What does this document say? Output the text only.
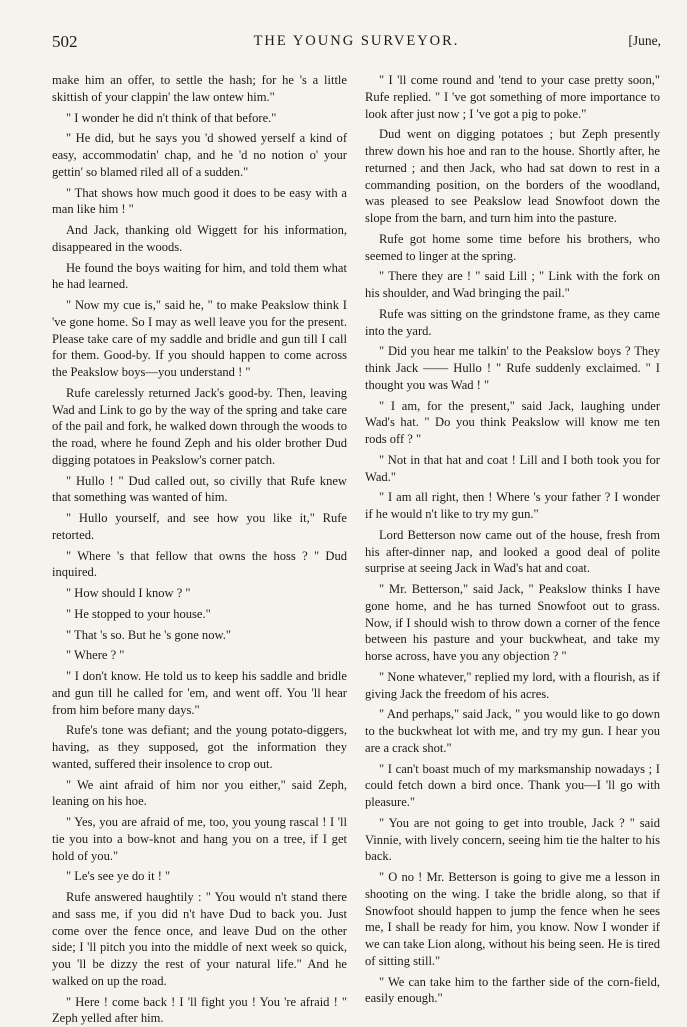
502	THE YOUNG SURVEYOR.	[June,

make him an offer, to settle the hash; for he 's a little skittish of your clappin' the law ontew him."

" I wonder he did n't think of that before."

" He did, but he says you 'd showed yerself a kind of easy, accommodatin' chap, and he 'd no notion o' your gettin' so blamed riled all of a sudden."

" That shows how much good it does to be easy with a man like him ! "

And Jack, thanking old Wiggett for his information, disappeared in the woods.

He found the boys waiting for him, and told them what he had learned.

" Now my cue is," said he, " to make Peakslow think I 've gone home. So I may as well leave you for the present. Please take care of my saddle and bridle and gun till I call for them. Good-by. If you should happen to come across the Peakslow boys—you understand ! "

Rufe carelessly returned Jack's good-by. Then, leaving Wad and Link to go by the way of the spring and take care of the pail and fork, he walked down through the woods to the road, where he found Zeph and his older brother Dud digging potatoes in Peakslow's corner patch.

" Hullo ! " Dud called out, so civilly that Rufe knew that something was wanted of him.

" Hullo yourself, and see how you like it," Rufe retorted.

" Where 's that fellow that owns the hoss ? " Dud inquired.

" How should I know ? "

" He stopped to your house."

" That 's so. But he 's gone now."

" Where ? "

" I don't know. He told us to keep his saddle and bridle and gun till he called for 'em, and went off. You 'll hear from him before many days."

Rufe's tone was defiant; and the young potato-diggers, having, as they supposed, got the information they wanted, suffered their insolence to crop out.

" We aint afraid of him nor you either," said Zeph, leaning on his hoe.

" Yes, you are afraid of me, too, you young rascal ! I 'll tie you into a bow-knot and hang you on a tree, if I get hold of you."

" Le's see ye do it ! "

Rufe answered haughtily : " You would n't stand there and sass me, if you did n't have Dud to back you. Just come over the fence once, and leave Dud on the other side; I 'll pitch you into the middle of next week so quick, you 'll be dizzy the rest of your natural life." And he walked on up the road.

" Here ! come back ! I 'll fight you ! You 're afraid ! " Zeph yelled after him.

" I 'll come round and 'tend to your case pretty soon," Rufe replied. " I 've got something of more importance to look after just now ; I 've got a pig to poke."

Dud went on digging potatoes ; but Zeph presently threw down his hoe and ran to the house. Shortly after, he returned ; and then Jack, who had sat down to rest in a commanding position, on the borders of the woodland, was pleased to see Peakslow lead Snowfoot down the slope from the barn, and turn him into the pasture.

Rufe got home some time before his brothers, who seemed to linger at the spring.

" There they are ! " said Lill ; " Link with the fork on his shoulder, and Wad bringing the pail."

Rufe was sitting on the grindstone frame, as they came into the yard.

" Did you hear me talkin' to the Peakslow boys ? They think Jack —— Hullo ! " Rufe suddenly exclaimed. " I thought you was Wad ! "

" I am, for the present," said Jack, laughing under Wad's hat. " Do you think Peakslow will know me ten rods off ? "

" Not in that hat and coat ! Lill and I both took you for Wad."

" I am all right, then ! Where 's your father ? I wonder if he would n't like to try my gun."

Lord Betterson now came out of the house, fresh from his after-dinner nap, and looked a good deal of polite surprise at seeing Jack in Wad's hat and coat.

" Mr. Betterson," said Jack, " Peakslow thinks I have gone home, and he has turned Snowfoot out to grass. Now, if I should wish to throw down a corner of the fence between his pasture and your buckwheat, and take my horse across, have you any objection ? "

" None whatever," replied my lord, with a flourish, as if giving Jack the freedom of his acres.

" And perhaps," said Jack, " you would like to go down to the buckwheat lot with me, and try my gun. I hear you are a crack shot."

" I can't boast much of my marksmanship nowadays ; I could fetch down a bird once. Thank you—I 'll go with pleasure."

" You are not going to get into trouble, Jack ? " said Vinnie, with lively concern, seeing him tie the halter to his back.

" O no ! Mr. Betterson is going to give me a lesson in shooting on the wing. I take the bridle along, so that if Snowfoot should happen to jump the fence when he sees me, I shall be ready for him, you know. Now I wonder if we can take Lion along, without his being seen. He is tired of sitting still."

" We can take him to the farther side of the corn-field, easily enough."
